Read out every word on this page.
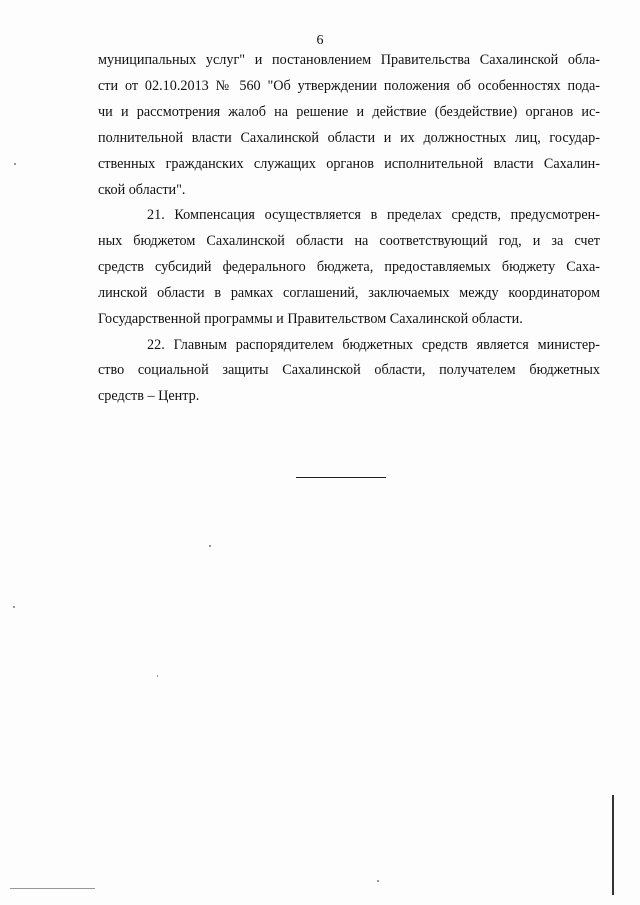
6
муниципальных услуг" и постановлением Правительства Сахалинской обла-
сти от 02.10.2013 № 560 "Об утверждении положения об особенностях пода-
чи и рассмотрения жалоб на решение и действие (бездействие) органов ис-
полнительной власти Сахалинской области и их должностных лиц, государ-
ственных гражданских служащих органов исполнительной власти Сахалин-
ской области".
21. Компенсация осуществляется в пределах средств, предусмотрен-
ных бюджетом Сахалинской области на соответствующий год, и за счет
средств субсидий федерального бюджета, предоставляемых бюджету Саха-
линской области в рамках соглашений, заключаемых между координатором
Государственной программы и Правительством Сахалинской области.
22. Главным распорядителем бюджетных средств является министер-
ство социальной защиты Сахалинской области, получателем бюджетных
средств – Центр.
